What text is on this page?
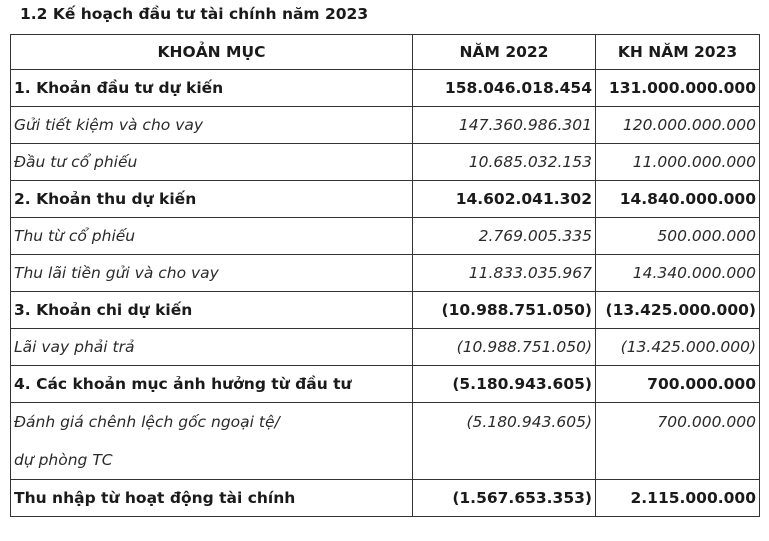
1.2 Kế hoạch đầu tư tài chính năm 2023
KHOẢN MỤC	NĂM 2022	KH NĂM 2023
1. Khoản đầu tư dự kiến	158.046.018.454	131.000.000.000
Gửi tiết kiệm và cho vay	147.360.986.301	120.000.000.000
Đầu tư cổ phiếu	10.685.032.153	11.000.000.000
2. Khoản thu dự kiến	14.602.041.302	14.840.000.000
Thu từ cổ phiếu	2.769.005.335	500.000.000
Thu lãi tiền gửi và cho vay	11.833.035.967	14.340.000.000
3. Khoản chi dự kiến	(10.988.751.050)	(13.425.000.000)
Lãi vay phải trả	(10.988.751.050)	(13.425.000.000)
4. Các khoản mục ảnh hưởng từ đầu tư	(5.180.943.605)	700.000.000

Đánh giá chênh lệch gốc ngoại tệ/
dự phòng TC	(5.180.943.605)	700.000.000
Thu nhập từ hoạt động tài chính	(1.567.653.353)	2.115.000.000
